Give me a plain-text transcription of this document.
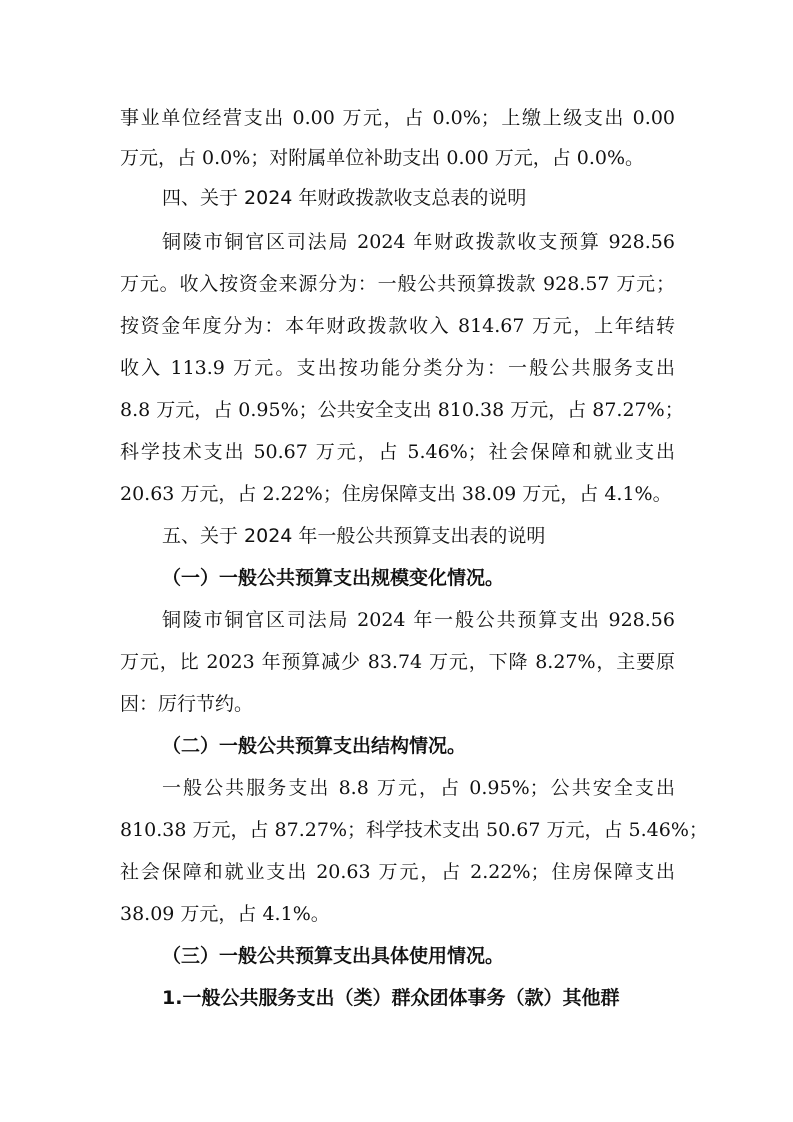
事业单位经营支出 0.00 万元，占 0.0%；上缴上级支出 0.00
万元，占 0.0%；对附属单位补助支出 0.00 万元，占 0.0%。
四、关于 2024 年财政拨款收支总表的说明
铜陵市铜官区司法局 2024 年财政拨款收支预算 928.56
万元。收入按资金来源分为：一般公共预算拨款 928.57 万元；
按资金年度分为：本年财政拨款收入 814.67 万元，上年结转
收入 113.9 万元。支出按功能分类分为：一般公共服务支出
8.8 万元，占 0.95%；公共安全支出 810.38 万元，占 87.27%；
科学技术支出 50.67 万元，占 5.46%；社会保障和就业支出
20.63 万元，占 2.22%；住房保障支出 38.09 万元，占 4.1%。
五、关于 2024 年一般公共预算支出表的说明
（一）一般公共预算支出规模变化情况。
铜陵市铜官区司法局 2024 年一般公共预算支出 928.56
万元，比 2023 年预算减少 83.74 万元，下降 8.27%，主要原
因：厉行节约。
（二）一般公共预算支出结构情况。
一般公共服务支出 8.8 万元，占 0.95%；公共安全支出
810.38 万元，占 87.27%；科学技术支出 50.67 万元，占 5.46%；
社会保障和就业支出 20.63 万元，占 2.22%；住房保障支出
38.09 万元，占 4.1%。
（三）一般公共预算支出具体使用情况。
1.一般公共服务支出（类）群众团体事务（款）其他群
